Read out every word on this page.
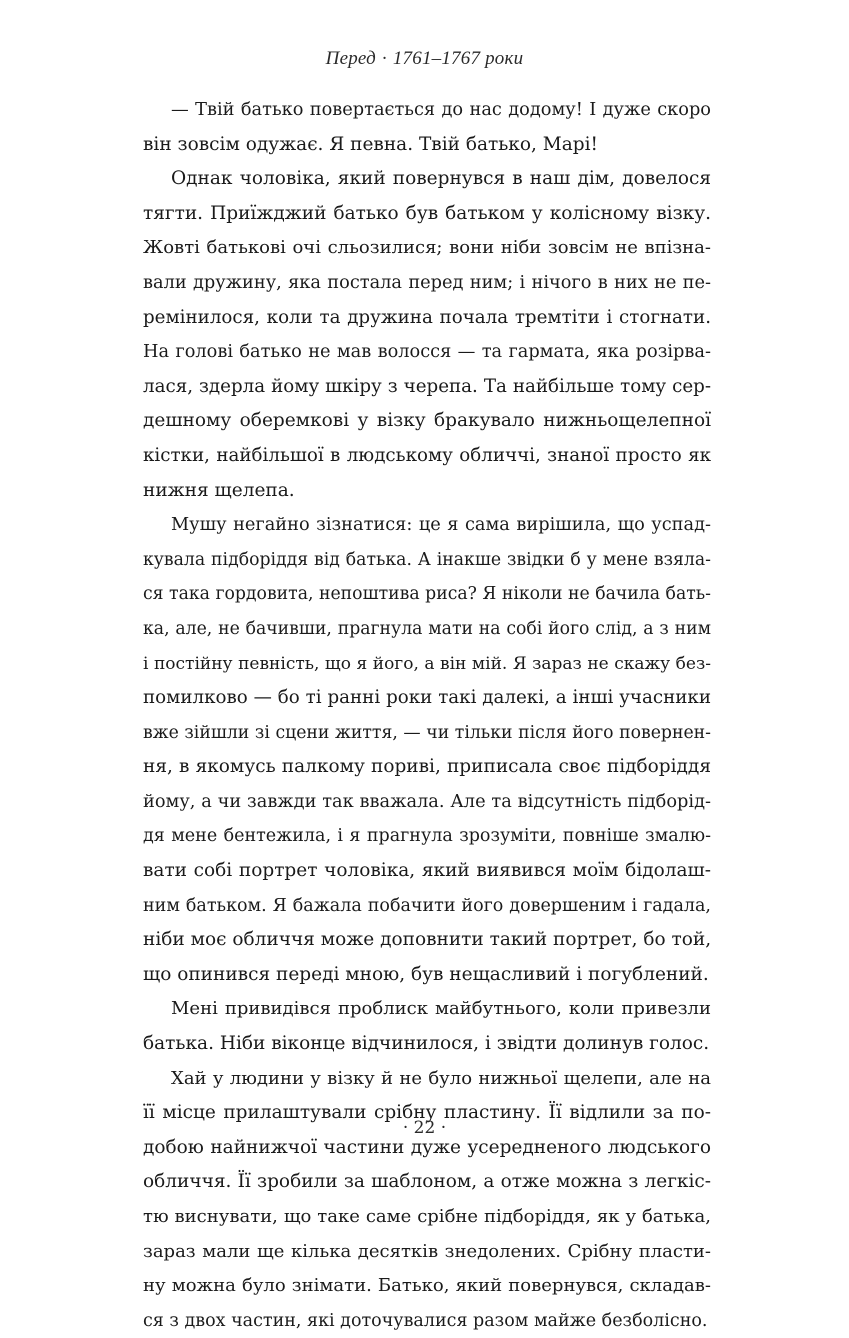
Перед · 1761–1767 роки
— Твій батько повертається до нас додому! І дуже скоро
він зовсім одужає. Я певна. Твій батько, Марі!
Однак чоловіка, який повернувся в наш дім, довелося
тягти. Приїжджий батько був батьком у колісному візку.
Жовті батькові очі сльозилися; вони ніби зовсім не впізна-
вали дружину, яка постала перед ним; і нічого в них не пе-
ремінилося, коли та дружина почала тремтіти і стогнати.
На голові батько не мав волосся — та гармата, яка розірва-
лася, здерла йому шкіру з черепа. Та найбільше тому сер-
дешному оберемкові у візку бракувало нижньощелепної
кістки, найбільшої в людському обличчі, знаної просто як
нижня щелепа.
Мушу негайно зізнатися: це я сама вирішила, що успад-
кувала підборіддя від батька. А інакше звідки б у мене взяла-
ся така гордовита, непоштива риса? Я ніколи не бачила бать-
ка, але, не бачивши, прагнула мати на собі його слід, а з ним
і постійну певність, що я його, а він мій. Я зараз не скажу без-
помилково — бо ті ранні роки такі далекі, а інші учасники
вже зійшли зі сцени життя, — чи тільки після його повернен-
ня, в якомусь палкому пориві, приписала своє підборіддя
йому, а чи завжди так вважала. Але та відсутність підборід-
дя мене бентежила, і я прагнула зрозуміти, повніше змалю-
вати собі портрет чоловіка, який виявився моїм бідолаш-
ним батьком. Я бажала побачити його довершеним і гадала,
ніби моє обличчя може доповнити такий портрет, бо той,
що опинився переді мною, був нещасливий і погублений.
Мені привидівся проблиск майбутнього, коли привезли
батька. Ніби віконце відчинилося, і звідти долинув голос.
Хай у людини у візку й не було нижньої щелепи, але на
її місце прилаштували срібну пластину. Її відлили за по-
добою найнижчої частини дуже усередненого людського
обличчя. Її зробили за шаблоном, а отже можна з легкіс-
тю виснувати, що таке саме срібне підборіддя, як у батька,
зараз мали ще кілька десятків знедолених. Срібну пласти-
ну можна було знімати. Батько, який повернувся, складав-
ся з двох частин, які доточувалися разом майже безболісно.
· 22 ·
